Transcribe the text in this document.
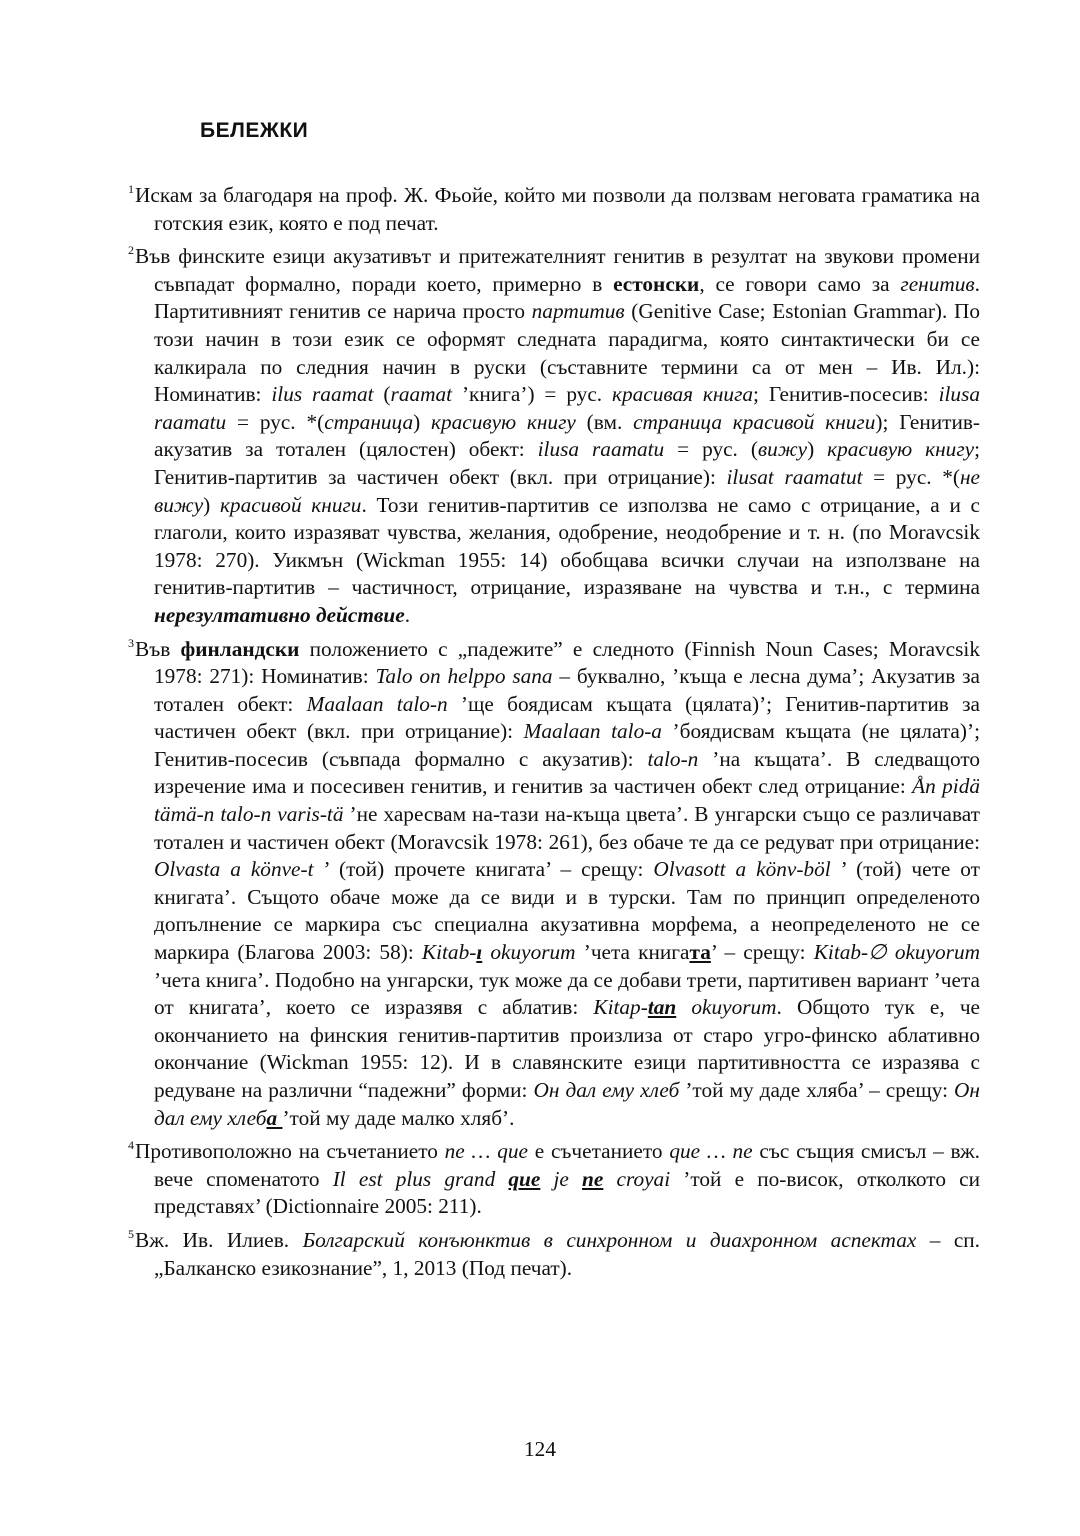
БЕЛЕЖКИ
1Искам за благодаря на проф. Ж. Фьойе, който ми позволи да ползвам неговата граматика на готския език, която е под печат.
2Във финските езици акузативът и притежателният генитив в резултат на звукови промени съвпадат формално, поради което, примерно в естонски, се говори само за генитив. Партитивният генитив се нарича просто партитив (Genitive Case; Estonian Grammar). По този начин в този език се оформят следната парадигма, която синтактически би се калкирала по следния начин в руски (съставните термини са от мен – Ив. Ил.): Номинатив: ilus raamat (raamat ’книга’) = рус. красивая книга; Генитив-посесив: ilusa raamatu = рус. *(страница) красивую книгу (вм. страница красивой книги); Генитив-акузатив за тотален (цялостен) обект: ilusa raamatu = рус. (вижу) красивую книгу; Генитив-партитив за частичен обект (вкл. при отрицание): ilusat raamatut = рус. *(не вижу) красивой книги. Този генитив-партитив се използва не само с отрицание, а и с глаголи, които изразяват чувства, желания, одобрение, неодобрение и т. н. (по Moravcsik 1978: 270). Уикмън (Wickman 1955: 14) обобщава всички случаи на използване на генитив-партитив – частичност, отрицание, изразяване на чувства и т.н., с термина нерезултативно действие.
3Във финландски положението с „падежите” е следното (Finnish Noun Cases; Moravcsik 1978: 271): Номинатив: Talo on helppo sana – буквално, ’къща е лесна дума’; Акузатив за тотален обект: Maalaan talo-n ’ще боядисам къщата (цялата)’; Генитив-партитив за частичен обект (вкл. при отрицание): Maalaan talo-a ’боядисвам къщата (не цялата)’; Генитив-посесив (съвпада формално с акузатив): talo-n ’на къщата’. В следващото изречение има и посесивен генитив, и генитив за частичен обект след отрицание: Ån pidä tämä-n talo-n varis-tä ’не харесвам на-тази на-къща цвета’. В унгарски също се различават тотален и частичен обект (Moravcsik 1978: 261), без обаче те да се редуват при отрицание: Olvasta a könve-t ’ (той) прочете книгата’ – срещу: Olvasott a könv-böl ’ (той) чете от книгата’. Същото обаче може да се види и в турски. Там по принцип определеното допълнение се маркира със специална акузативна морфема, а неопределеното не се маркира (Благова 2003: 58): Kitab-ı okuyorum ’чета книгата’ – срещу: Kitab-∅ okuyorum ’чета книга’. Подобно на унгарски, тук може да се добави трети, партитивен вариант ’чета от книгата’, което се изразявя с аблатив: Kitap-tan okuyorum. Общото тук е, че окончанието на финския генитив-партитив произлиза от старо угро-финско аблативно окончание (Wickman 1955: 12). И в славянските езици партитивността се изразява с редуване на различни “падежни” форми: Он дал ему хлеб ’той му даде хляба’ – срещу: Он дал ему хлеба ’той му даде малко хляб’.
4Противоположно на съчетанието ne … que е съчетанието que … ne със същия смисъл – вж. вече споменатото Il est plus grand que je ne croyai ’той е по-висок, отколкото си представях’ (Dictionnaire 2005: 211).
5Вж. Ив. Илиев. Болгарский конъюнктив в синхронном и диахронном аспектах – сп. „Балканско езикознание”, 1, 2013 (Под печат).

124
